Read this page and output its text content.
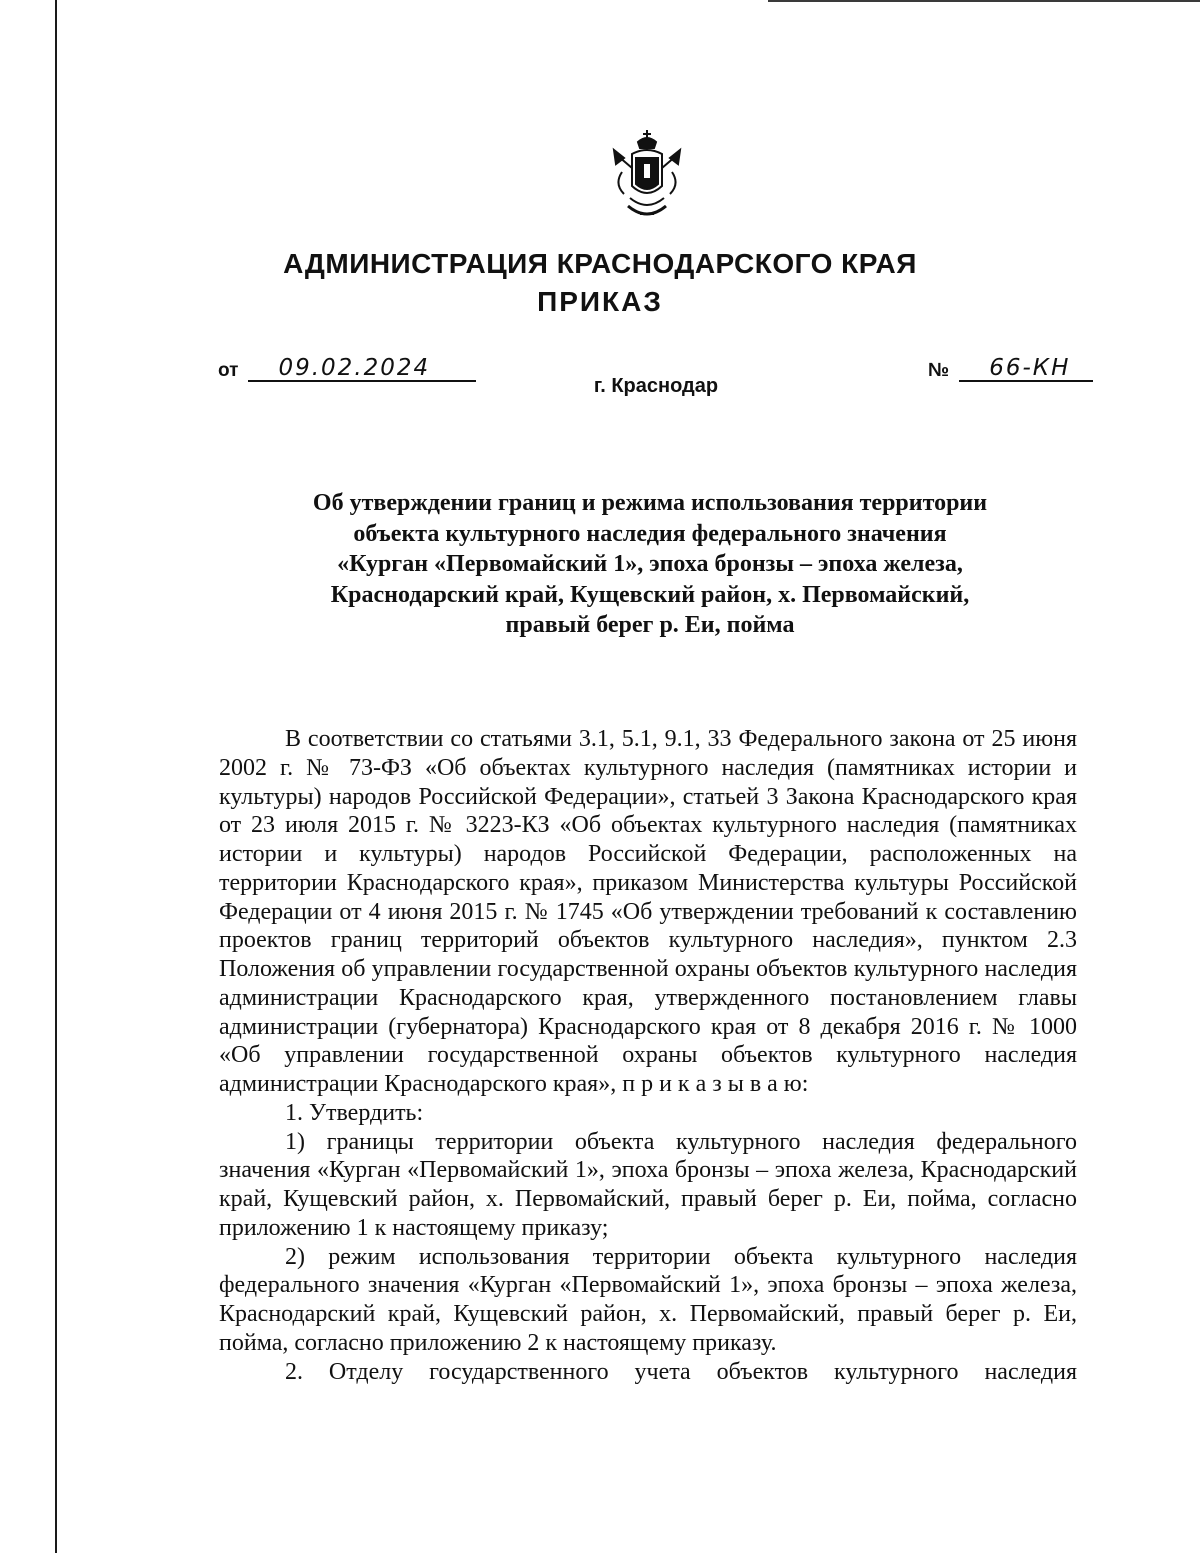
АДМИНИСТРАЦИЯ КРАСНОДАРСКОГО КРАЯ
ПРИКАЗ
от	09.02.2024	№	66-КН
г. Краснодар
Об утверждении границ и режима использования территории
объекта культурного наследия федерального значения
«Курган «Первомайский 1», эпоха бронзы – эпоха железа,
Краснодарский край, Кущевский район, х. Первомайский,
правый берег р. Еи, пойма

В соответствии со статьями 3.1, 5.1, 9.1, 33 Федерального закона от 25 июня 2002 г. № 73-ФЗ «Об объектах культурного наследия (памятниках истории и культуры) народов Российской Федерации», статьей 3 Закона Краснодарского края от 23 июля 2015 г. № 3223-КЗ «Об объектах культурного наследия (памятниках истории и культуры) народов Российской Федерации, расположенных на территории Краснодарского края», приказом Министерства культуры Российской Федерации от 4 июня 2015 г. № 1745 «Об утверждении требований к составлению проектов границ территорий объектов культурного наследия», пунктом 2.3 Положения об управлении государственной охраны объектов культурного наследия администрации Краснодарского края, утвержденного постановлением главы администрации (губернатора) Краснодарского края от 8 декабря 2016 г. № 1000 «Об управлении государственной охраны объектов культурного наследия администрации Краснодарского края», п р и к а з ы в а ю:

1. Утвердить:

1) границы территории объекта культурного наследия федерального значения «Курган «Первомайский 1», эпоха бронзы – эпоха железа, Краснодарский край, Кущевский район, х. Первомайский, правый берег р. Еи, пойма, согласно приложению 1 к настоящему приказу;

2) режим использования территории объекта культурного наследия федерального значения «Курган «Первомайский 1», эпоха бронзы – эпоха железа, Краснодарский край, Кущевский район, х. Первомайский, правый берег р. Еи, пойма, согласно приложению 2 к настоящему приказу.

2. Отделу государственного учета объектов культурного наследия
